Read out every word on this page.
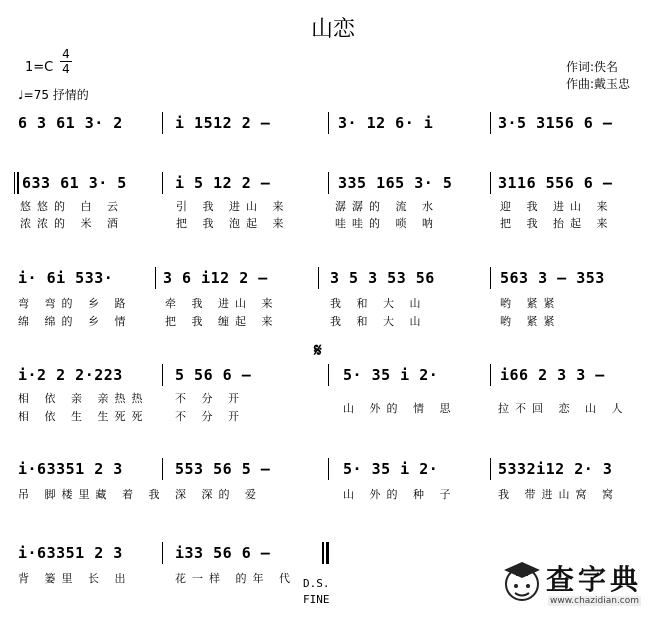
山恋
1=C
4
4
♩=75 抒情的
作词:佚名
作曲:戴玉忠
6 3 61 3· 2	i 1512 2 —	3· 12 6· i	3·5 3156 6 —
633 61 3· 5	i 5 12 2 —	335 165 3· 5	3116 556 6 —
悠悠的 白 云	引 我 进山 来	潺潺的 流 水	迎 我 进山 来
浓浓的 米 酒	把 我 泡起 来	哇哇的 唢 呐	把 我 抬起 来
i· 6i 533·	3 6 i12 2 —	3 5 3 53 56	563 3 — 353
弯 弯的 乡 路	牵 我 进山 来	我 和 大 山	哟 紧紧
绵 绵的 乡 情	把 我 缠起 来	我 和 大 山	哟 紧紧
𝄋
i·2 2 2·223	5 56 6 —	5· 35 i 2·	i66 2 3 3 —
相 依 亲 亲热热 不 分 开
山 外的 情 思	拉不回 恋 山 人
相 依 生 生死死 不 分 开
i·63351 2 3	553 56 5 —	5· 35 i 2·	5332i12 2· 3
吊 脚楼里藏 着 我 深 深的 爱	山 外的 种 子	我 带进山窝 窝
i·63351 2 3	i33 56 6 —
背 篓里 长 出	花一样 的年 代 D.S.
FINE
查字典
www.chazidian.com
